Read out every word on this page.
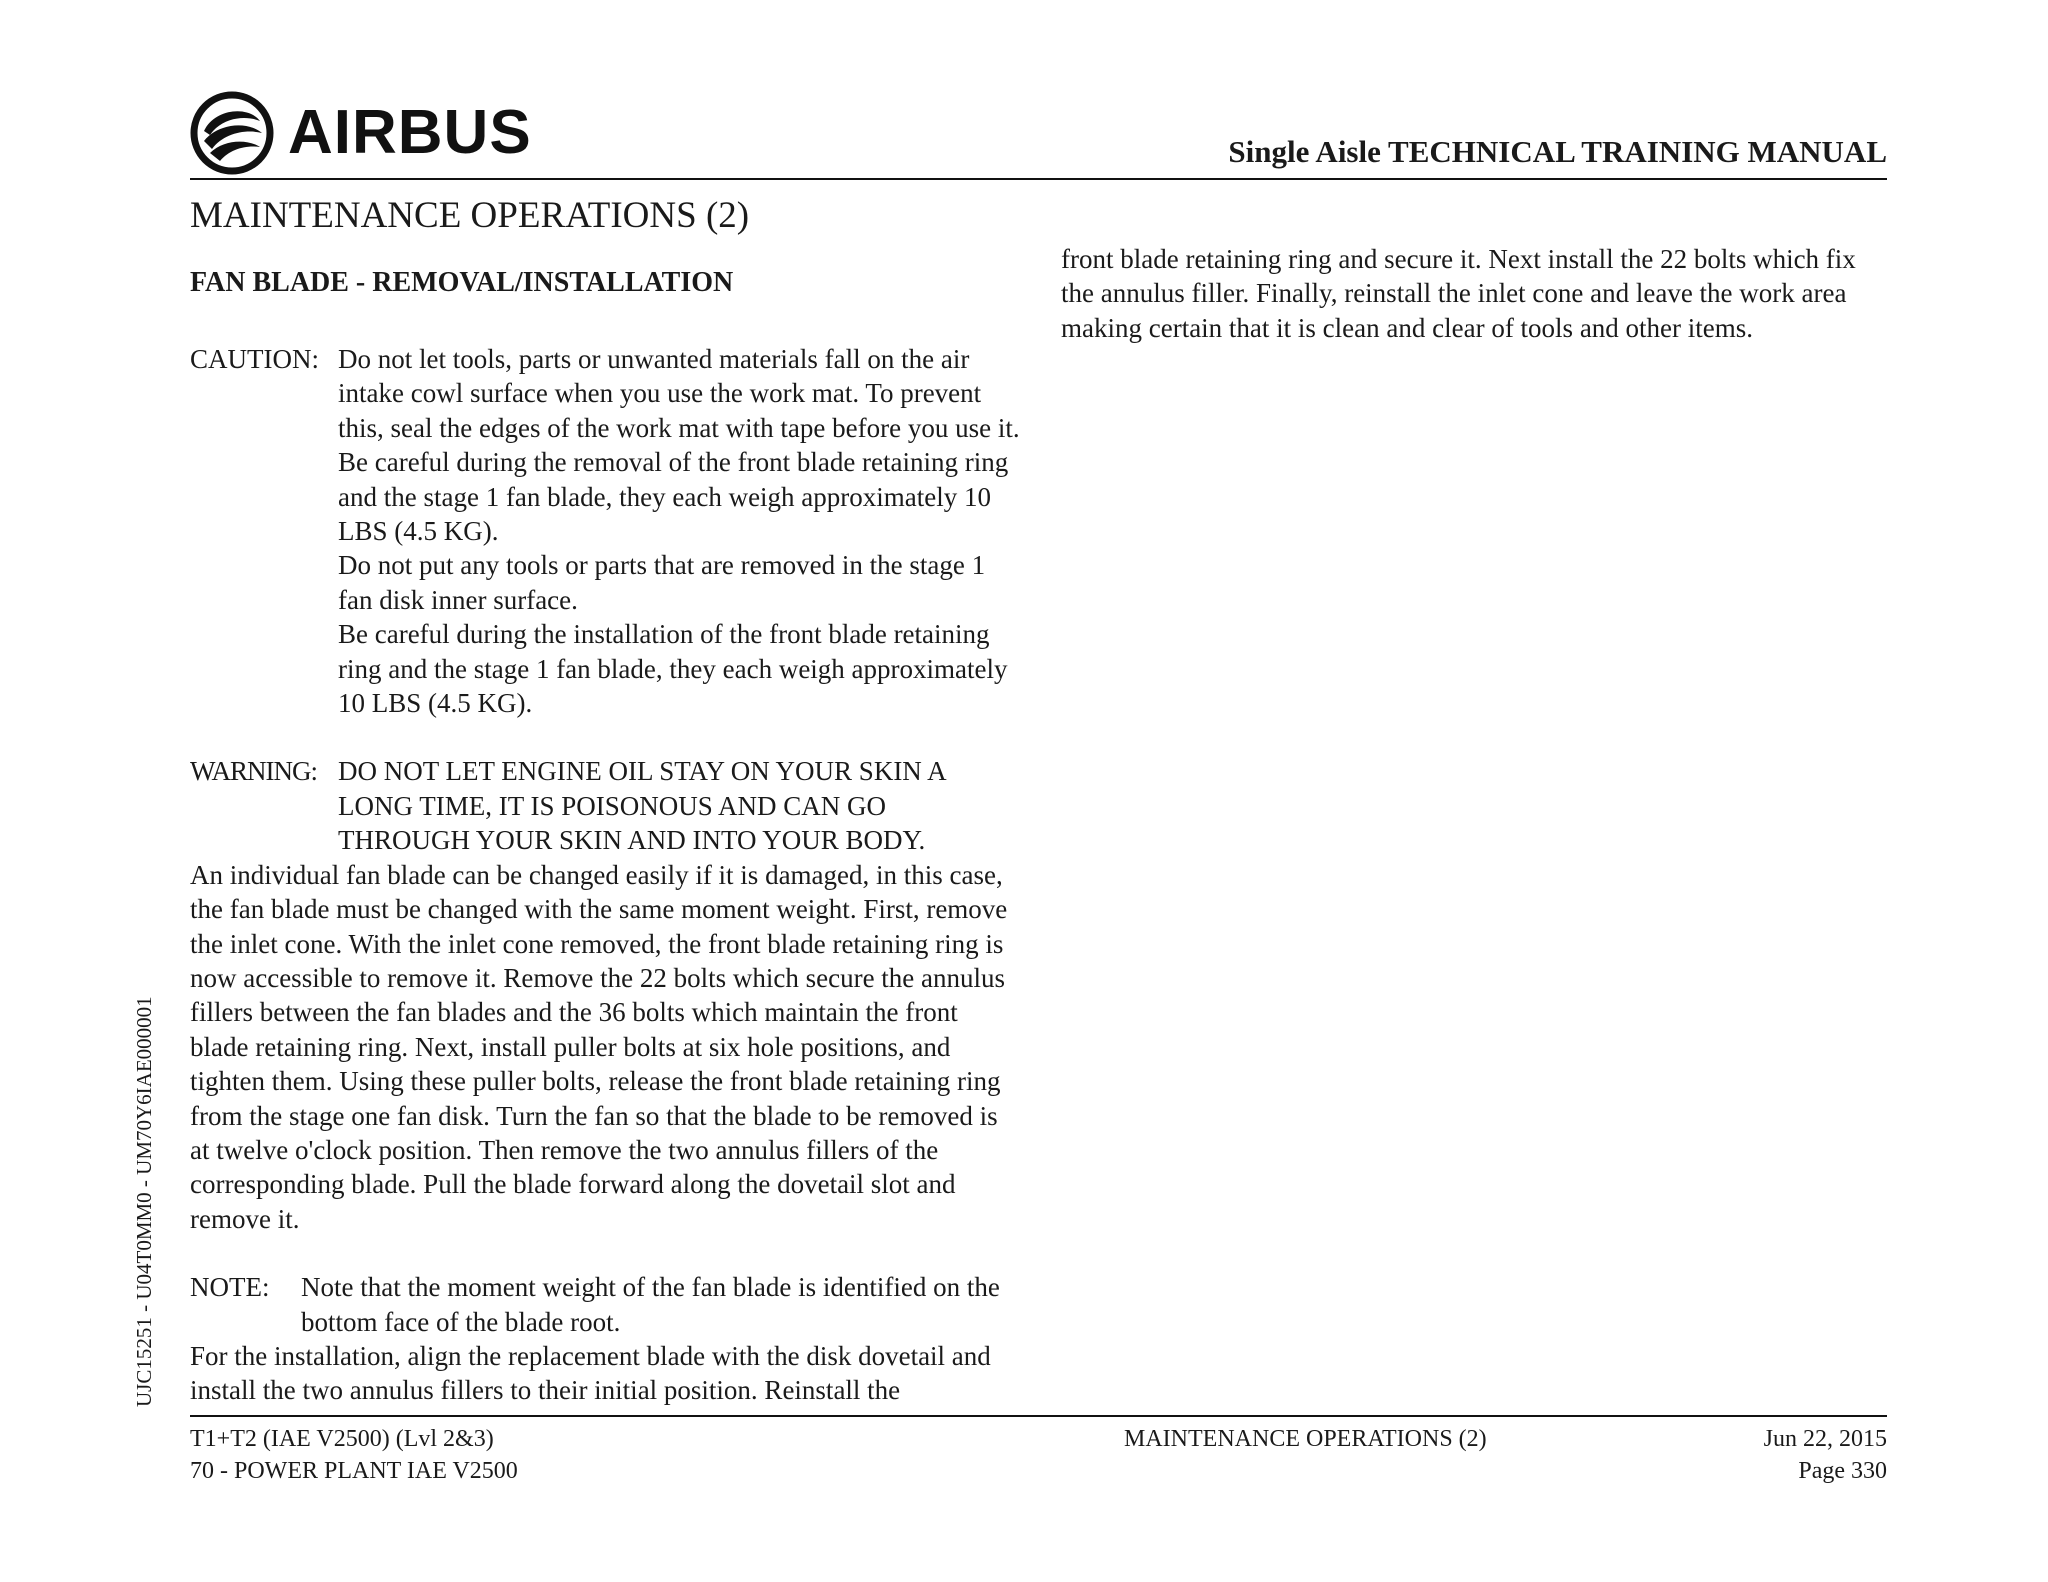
AIRBUS	Single Aisle TECHNICAL TRAINING MANUAL
MAINTENANCE OPERATIONS (2)
FAN BLADE - REMOVAL/INSTALLATION
CAUTION: Do not let tools, parts or unwanted materials fall on the air intake cowl surface when you use the work mat. To prevent this, seal the edges of the work mat with tape before you use it. Be careful during the removal of the front blade retaining ring and the stage 1 fan blade, they each weigh approximately 10 LBS (4.5 KG).

Do not put any tools or parts that are removed in the stage 1 fan disk inner surface.

Be careful during the installation of the front blade retaining ring and the stage 1 fan blade, they each weigh approximately 10 LBS (4.5 KG).

WARNING: DO NOT LET ENGINE OIL STAY ON YOUR SKIN A LONG TIME, IT IS POISONOUS AND CAN GO THROUGH YOUR SKIN AND INTO YOUR BODY.

An individual fan blade can be changed easily if it is damaged, in this case, the fan blade must be changed with the same moment weight. First, remove the inlet cone. With the inlet cone removed, the front blade retaining ring is now accessible to remove it. Remove the 22 bolts which secure the annulus fillers between the fan blades and the 36 bolts which maintain the front blade retaining ring. Next, install puller bolts at six hole positions, and tighten them. Using these puller bolts, release the front blade retaining ring from the stage one fan disk. Turn the fan so that the blade to be removed is at twelve o'clock position. Then remove the two annulus fillers of the corresponding blade. Pull the blade forward along the dovetail slot and remove it.

NOTE:	Note that the moment weight of the fan blade is identified on the bottom face of the blade root.

For the installation, align the replacement blade with the disk dovetail and install the two annulus fillers to their initial position. Reinstall the

front blade retaining ring and secure it. Next install the 22 bolts which fix the annulus filler. Finally, reinstall the inlet cone and leave the work area making certain that it is clean and clear of tools and other items.

UJC15251 - U04T0MM0 - UM70Y6IAE000001
T1+T2 (IAE V2500) (Lvl 2&3)
70 - POWER PLANT IAE V2500
MAINTENANCE OPERATIONS (2)	Jun 22, 2015
Page 330
